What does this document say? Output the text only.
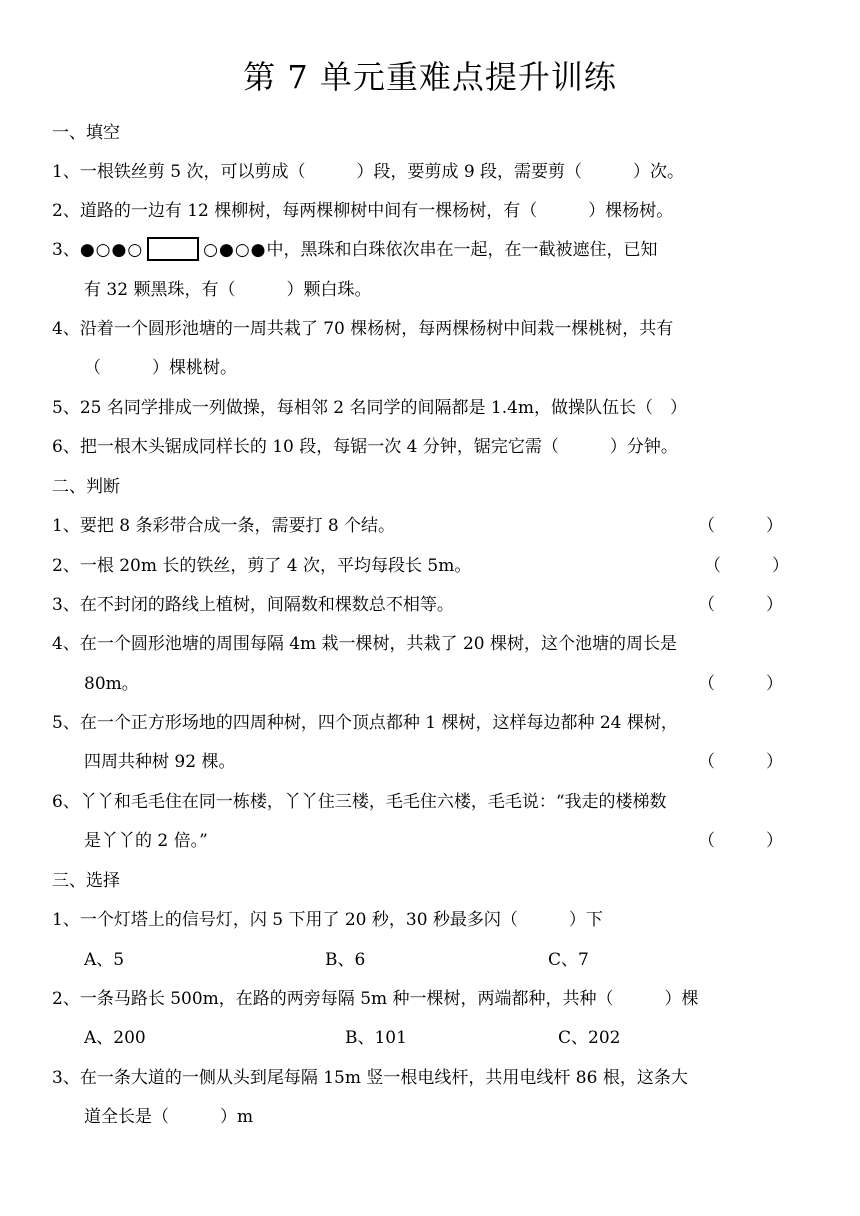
第 7 单元重难点提升训练
一、填空
1、一根铁丝剪 5 次，可以剪成（　　　）段，要剪成 9 段，需要剪（　　　）次。
2、道路的一边有 12 棵柳树，每两棵柳树中间有一棵杨树，有（　　　）棵杨树。
3、●○●○	○●○●中，黑珠和白珠依次串在一起，在一截被遮住，已知
有 32 颗黑珠，有（　　　）颗白珠。
4、沿着一个圆形池塘的一周共栽了 70 棵杨树，每两棵杨树中间栽一棵桃树，共有
（　　　）棵桃树。
5、25 名同学排成一列做操，每相邻 2 名同学的间隔都是 1.4m，做操队伍长（　）
6、把一根木头锯成同样长的 10 段，每锯一次 4 分钟，锯完它需（　　　）分钟。
二、判断
1、要把 8 条彩带合成一条，需要打 8 个结。	（　　　）
2、一根 20m 长的铁丝，剪了 4 次，平均每段长 5m。	（　　　）
3、在不封闭的路线上植树，间隔数和棵数总不相等。	（　　　）
4、在一个圆形池塘的周围每隔 4m 栽一棵树，共栽了 20 棵树，这个池塘的周长是
80m。	（　　　）
5、在一个正方形场地的四周种树，四个顶点都种 1 棵树，这样每边都种 24 棵树，
四周共种树 92 棵。	（　　　）
6、丫丫和毛毛住在同一栋楼，丫丫住三楼，毛毛住六楼，毛毛说：“我走的楼梯数
是丫丫的 2 倍。”	（　　　）
三、选择
1、一个灯塔上的信号灯，闪 5 下用了 20 秒，30 秒最多闪（　　　）下
A、5	B、6	C、7
2、一条马路长 500m，在路的两旁每隔 5m 种一棵树，两端都种，共种（　　　）棵
A、200	B、101	C、202
3、在一条大道的一侧从头到尾每隔 15m 竖一根电线杆，共用电线杆 86 根，这条大
道全长是（　　　）m
